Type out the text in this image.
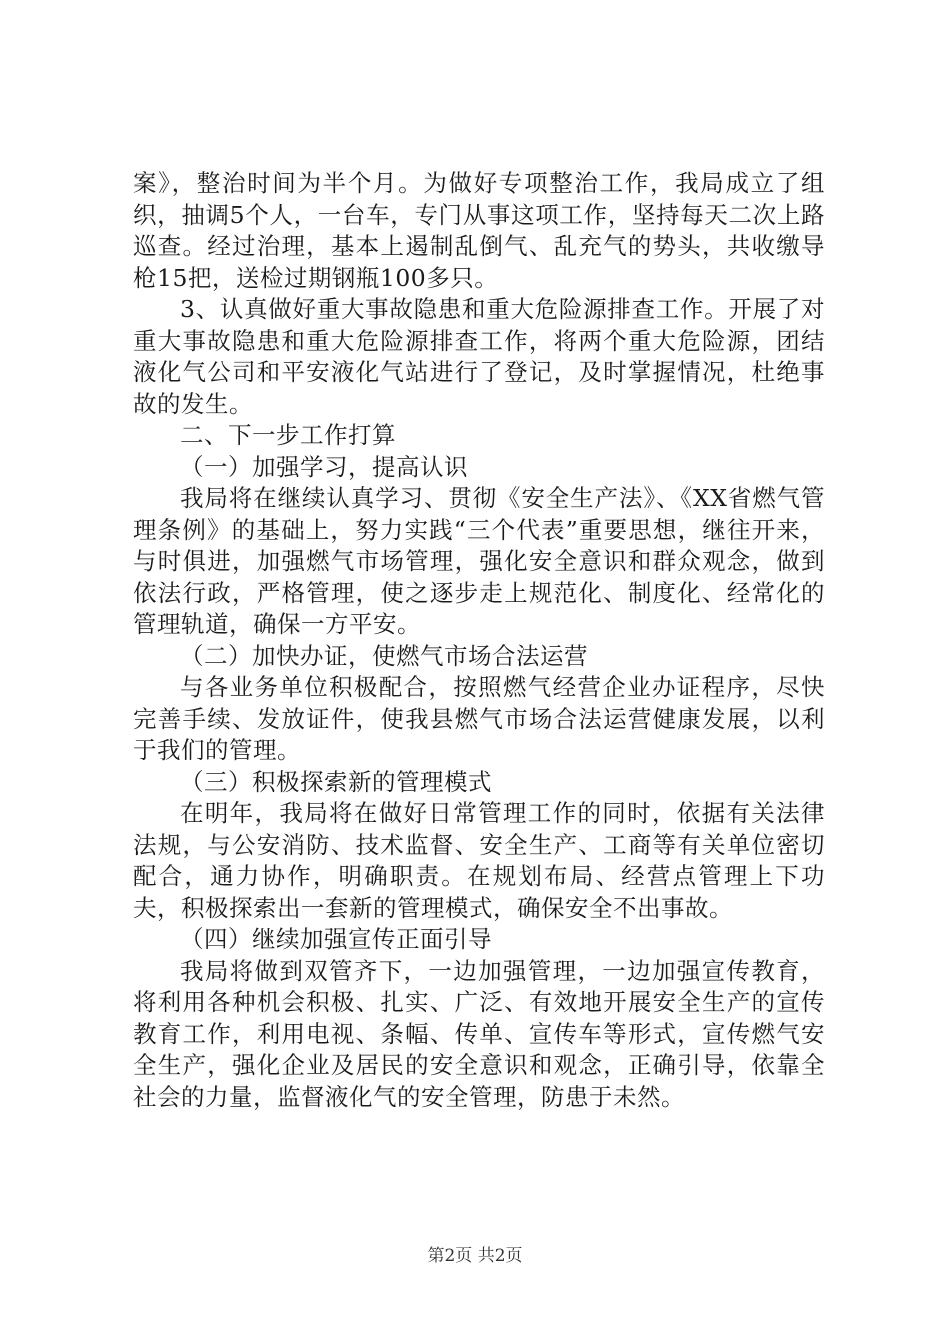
案》，整治时间为半个月。为做好专项整治工作，我局成立了组织，抽调5个人，一台车，专门从事这项工作，坚持每天二次上路巡查。经过治理，基本上遏制乱倒气、乱充气的势头，共收缴导枪15把，送检过期钢瓶100多只。

3、认真做好重大事故隐患和重大危险源排查工作。开展了对重大事故隐患和重大危险源排查工作，将两个重大危险源，团结液化气公司和平安液化气站进行了登记，及时掌握情况，杜绝事故的发生。

二、下一步工作打算

（一）加强学习，提高认识

我局将在继续认真学习、贯彻《安全生产法》、《XX省燃气管理条例》的基础上，努力实践“三个代表”重要思想，继往开来，与时俱进，加强燃气市场管理，强化安全意识和群众观念，做到依法行政，严格管理，使之逐步走上规范化、制度化、经常化的管理轨道，确保一方平安。

（二）加快办证，使燃气市场合法运营

与各业务单位积极配合，按照燃气经营企业办证程序，尽快完善手续、发放证件，使我县燃气市场合法运营健康发展，以利于我们的管理。

（三）积极探索新的管理模式

在明年，我局将在做好日常管理工作的同时，依据有关法律法规，与公安消防、技术监督、安全生产、工商等有关单位密切配合，通力协作，明确职责。在规划布局、经营点管理上下功夫，积极探索出一套新的管理模式，确保安全不出事故。

（四）继续加强宣传正面引导

我局将做到双管齐下，一边加强管理，一边加强宣传教育，将利用各种机会积极、扎实、广泛、有效地开展安全生产的宣传教育工作，利用电视、条幅、传单、宣传车等形式，宣传燃气安全生产，强化企业及居民的安全意识和观念，正确引导，依靠全社会的力量，监督液化气的安全管理，防患于未然。

第2页 共2页
